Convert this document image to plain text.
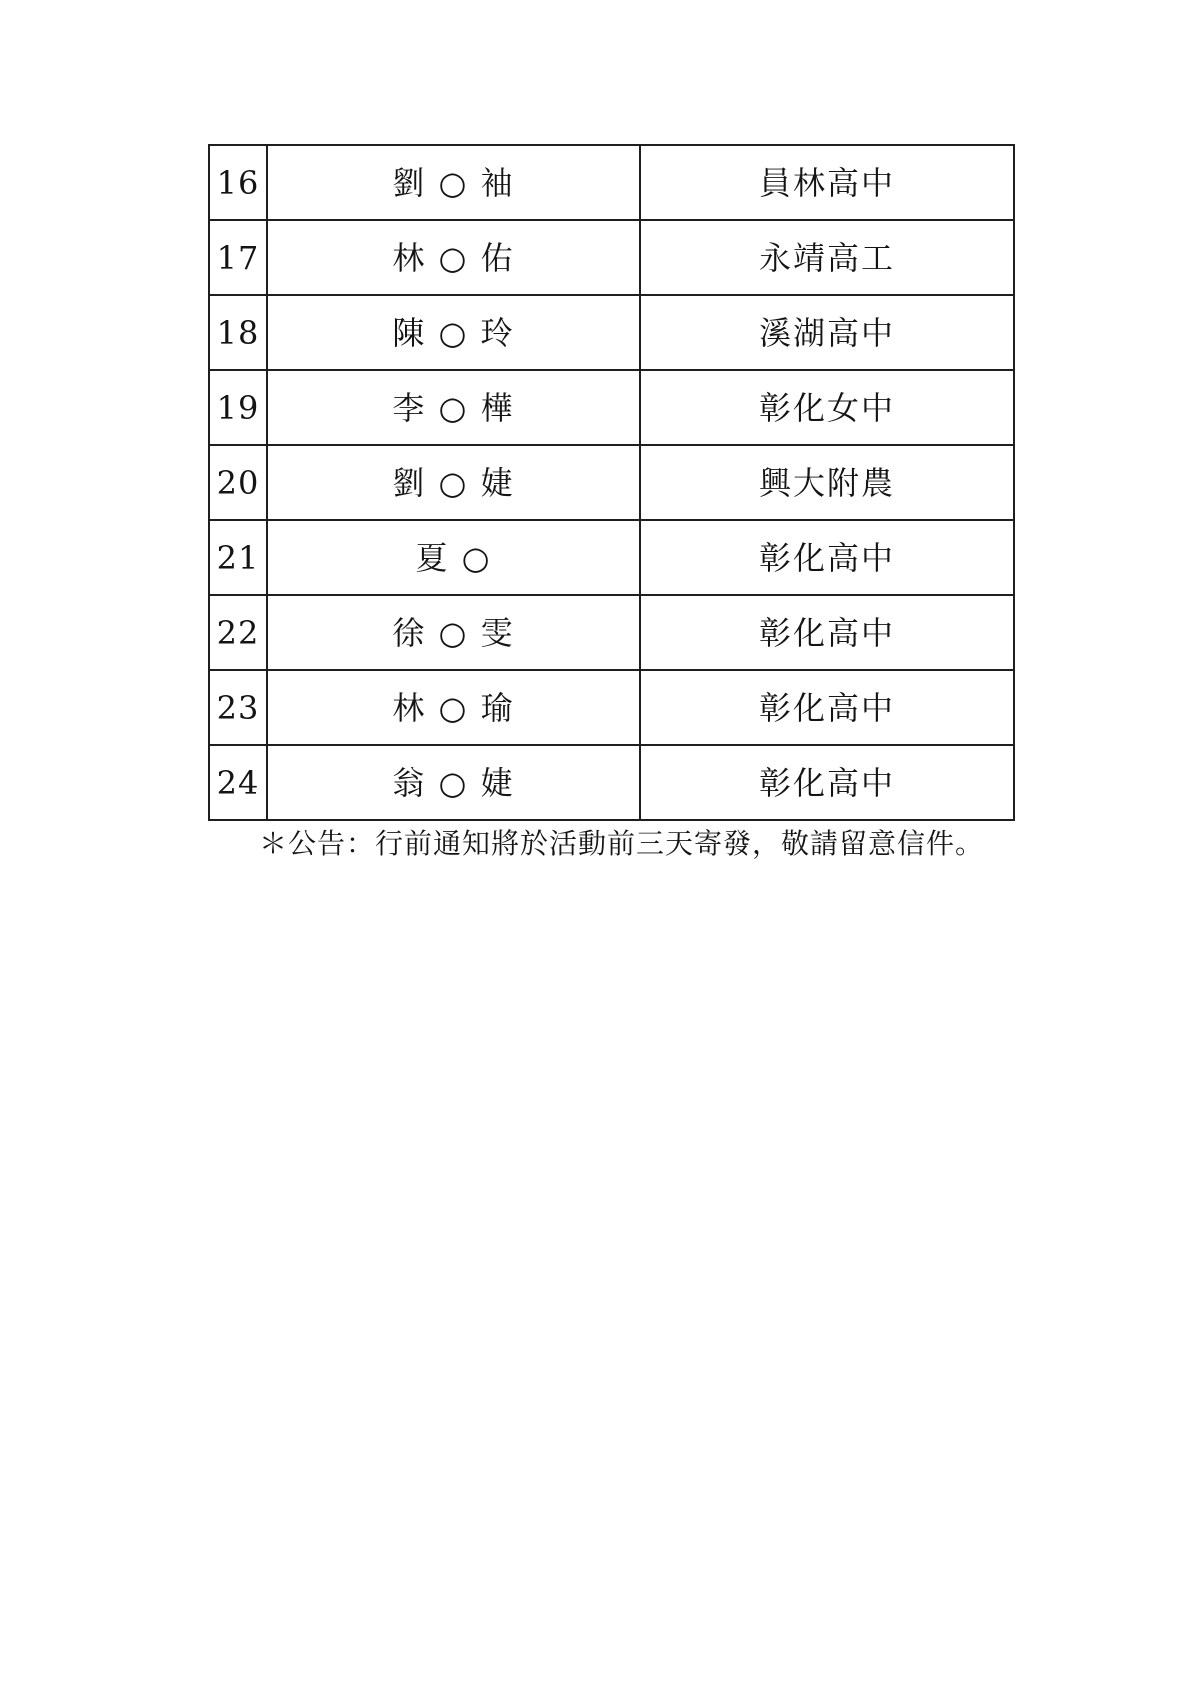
16	劉 ○ 袖	員林高中
17	林 ○ 佑	永靖高工
18	陳 ○ 玲	溪湖高中
19	李 ○ 樺	彰化女中
20	劉 ○ 婕	興大附農
21	夏 ○	彰化高中
22	徐 ○ 雯	彰化高中
23	林 ○ 瑜	彰化高中
24	翁 ○ 婕	彰化高中
＊公告：行前通知將於活動前三天寄發，敬請留意信件。
